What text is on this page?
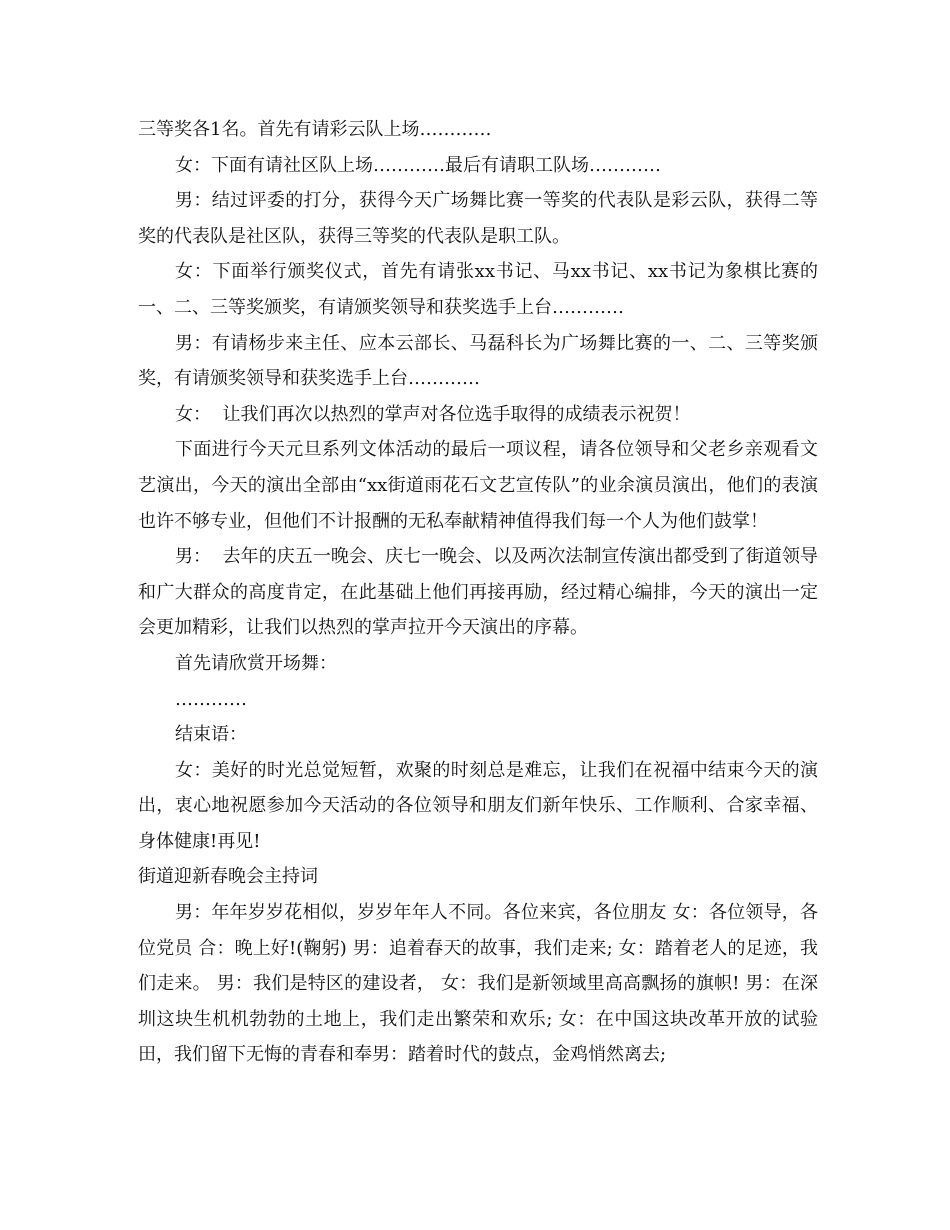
三等奖各1名。首先有请彩云队上场…………

女：下面有请社区队上场…………最后有请职工队场…………

男：结过评委的打分，获得今天广场舞比赛一等奖的代表队是彩云队，获得二等奖的代表队是社区队，获得三等奖的代表队是职工队。

女：下面举行颁奖仪式，首先有请张xx书记、马xx书记、xx书记为象棋比赛的一、二、三等奖颁奖，有请颁奖领导和获奖选手上台…………

男：有请杨步来主任、应本云部长、马磊科长为广场舞比赛的一、二、三等奖颁奖，有请颁奖领导和获奖选手上台…………

女：  让我们再次以热烈的掌声对各位选手取得的成绩表示祝贺！

下面进行今天元旦系列文体活动的最后一项议程，请各位领导和父老乡亲观看文艺演出，今天的演出全部由“xx街道雨花石文艺宣传队”的业余演员演出，他们的表演也许不够专业，但他们不计报酬的无私奉献精神值得我们每一个人为他们鼓掌！

男：  去年的庆五一晚会、庆七一晚会、以及两次法制宣传演出都受到了街道领导和广大群众的高度肯定，在此基础上他们再接再励，经过精心编排，今天的演出一定会更加精彩，让我们以热烈的掌声拉开今天演出的序幕。

首先请欣赏开场舞：

…………

结束语：

女：美好的时光总觉短暂，欢聚的时刻总是难忘，让我们在祝福中结束今天的演出，衷心地祝愿参加今天活动的各位领导和朋友们新年快乐、工作顺利、合家幸福、身体健康!再见!

街道迎新春晚会主持词

男：年年岁岁花相似，岁岁年年人不同。各位来宾，各位朋友 女：各位领导，各位党员 合：晚上好!(鞠躬) 男：追着春天的故事，我们走来; 女：踏着老人的足迹，我们走来。 男：我们是特区的建设者， 女：我们是新领域里高高飘扬的旗帜! 男：在深圳这块生机机勃勃的土地上，我们走出繁荣和欢乐; 女：在中国这块改革开放的试验田，我们留下无悔的青春和奉男：踏着时代的鼓点，金鸡悄然离去;
